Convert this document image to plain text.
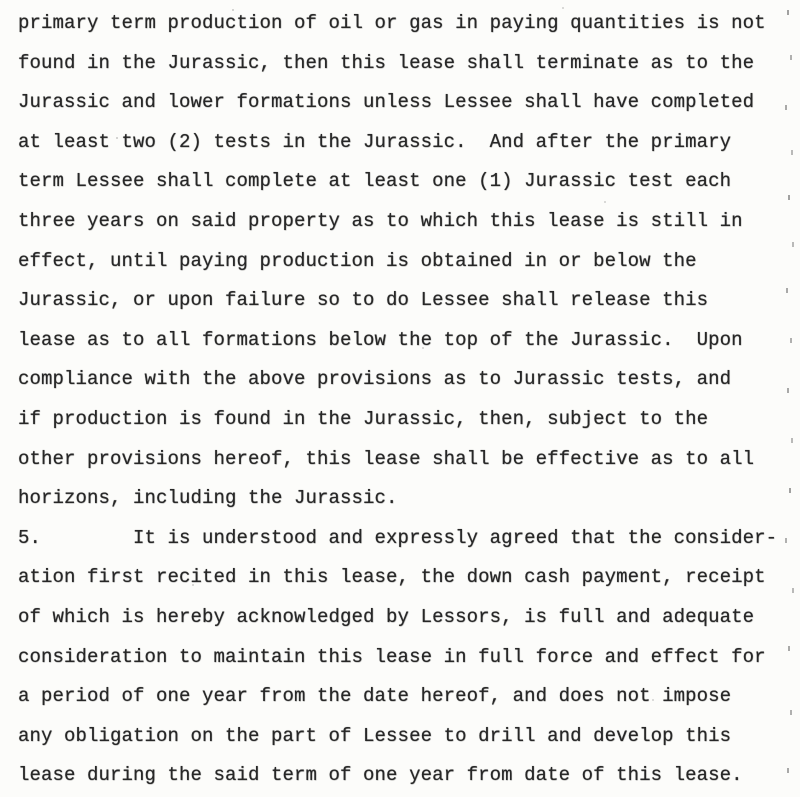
primary term production of oil or gas in paying quantities is not
found in the Jurassic, then this lease shall terminate as to the
Jurassic and lower formations unless Lessee shall have completed
at least two (2) tests in the Jurassic.  And after the primary
term Lessee shall complete at least one (1) Jurassic test each
three years on said property as to which this lease is still in
effect, until paying production is obtained in or below the
Jurassic, or upon failure so to do Lessee shall release this
lease as to all formations below the top of the Jurassic.  Upon
compliance with the above provisions as to Jurassic tests, and
if production is found in the Jurassic, then, subject to the
other provisions hereof, this lease shall be effective as to all
horizons, including the Jurassic.
5.        It is understood and expressly agreed that the consider-
ation first recited in this lease, the down cash payment, receipt
of which is hereby acknowledged by Lessors, is full and adequate
consideration to maintain this lease in full force and effect for
a period of one year from the date hereof, and does not impose
any obligation on the part of Lessee to drill and develop this
lease during the said term of one year from date of this lease.
